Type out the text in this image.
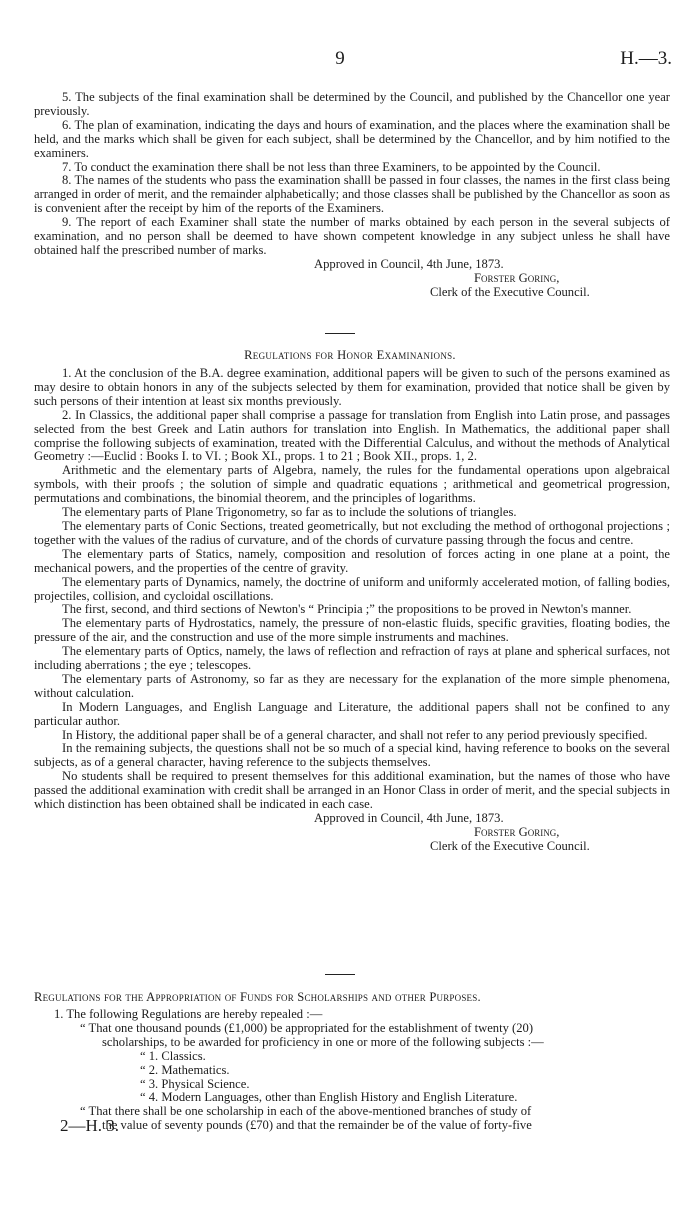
9	H.—3.

5. The subjects of the final examination shall be determined by the Council, and published by the Chancellor one year previously.

6. The plan of examination, indicating the days and hours of examination, and the places where the examination shall be held, and the marks which shall be given for each subject, shall be determined by the Chancellor, and by him notified to the examiners.

7. To conduct the examination there shall be not less than three Examiners, to be appointed by the Council.

8. The names of the students who pass the examination shalll be passed in four classes, the names in the first class being arranged in order of merit, and the remainder alphabetically; and those classes shall be published by the Chancellor as soon as is convenient after the receipt by him of the reports of the Examiners.

9. The report of each Examiner shall state the number of marks obtained by each person in the several subjects of examination, and no person shall be deemed to have shown competent knowledge in any subject unless he shall have obtained half the prescribed number of marks.

Approved in Council, 4th June, 1873.

Forster Goring,

Clerk of the Executive Council.

Regulations for Honor Examinanions.

1. At the conclusion of the B.A. degree examination, additional papers will be given to such of the persons examined as may desire to obtain honors in any of the subjects selected by them for examination, provided that notice shall be given by such persons of their intention at least six months previously.

2. In Classics, the additional paper shall comprise a passage for translation from English into Latin prose, and passages selected from the best Greek and Latin authors for translation into English. In Mathematics, the additional paper shall comprise the following subjects of examination, treated with the Differential Calculus, and without the methods of Analytical Geometry :—Euclid : Books I. to VI. ; Book XI., props. 1 to 21 ; Book XII., props. 1, 2.

Arithmetic and the elementary parts of Algebra, namely, the rules for the fundamental operations upon algebraical symbols, with their proofs ; the solution of simple and quadratic equations ; arithmetical and geometrical progression, permutations and combinations, the binomial theorem, and the principles of logarithms.

The elementary parts of Plane Trigonometry, so far as to include the solutions of triangles.

The elementary parts of Conic Sections, treated geometrically, but not excluding the method of orthogonal projections ; together with the values of the radius of curvature, and of the chords of curvature passing through the focus and centre.

The elementary parts of Statics, namely, composition and resolution of forces acting in one plane at a point, the mechanical powers, and the properties of the centre of gravity.

The elementary parts of Dynamics, namely, the doctrine of uniform and uniformly accelerated motion, of falling bodies, projectiles, collision, and cycloidal oscillations.

The first, second, and third sections of Newton's “ Principia ;” the propositions to be proved in Newton's manner.

The elementary parts of Hydrostatics, namely, the pressure of non-elastic fluids, specific gravities, floating bodies, the pressure of the air, and the construction and use of the more simple instruments and machines.

The elementary parts of Optics, namely, the laws of reflection and refraction of rays at plane and spherical surfaces, not including aberrations ; the eye ; telescopes.

The elementary parts of Astronomy, so far as they are necessary for the explanation of the more simple phenomena, without calculation.

In Modern Languages, and English Language and Literature, the additional papers shall not be confined to any particular author.

In History, the additional paper shall be of a general character, and shall not refer to any period previously specified.

In the remaining subjects, the questions shall not be so much of a special kind, having reference to books on the several subjects, as of a general character, having reference to the subjects themselves.

No students shall be required to present themselves for this additional examination, but the names of those who have passed the additional examination with credit shall be arranged in an Honor Class in order of merit, and the special subjects in which distinction has been obtained shall be indicated in each case.

Approved in Council, 4th June, 1873.

Forster Goring,

Clerk of the Executive Council.

Regulations for the Appropriation of Funds for Scholarships and other Purposes.

1. The following Regulations are hereby repealed :—

“ That one thousand pounds (£1,000) be appropriated for the establishment of twenty (20)

scholarships, to be awarded for proficiency in one or more of the following subjects :—

“ 1. Classics.

“ 2. Mathematics.

“ 3. Physical Science.

“ 4. Modern Languages, other than English History and English Literature.

“ That there shall be one scholarship in each of the above-mentioned branches of study of

the value of seventy pounds (£70) and that the remainder be of the value of forty-five

2—H. 3.
